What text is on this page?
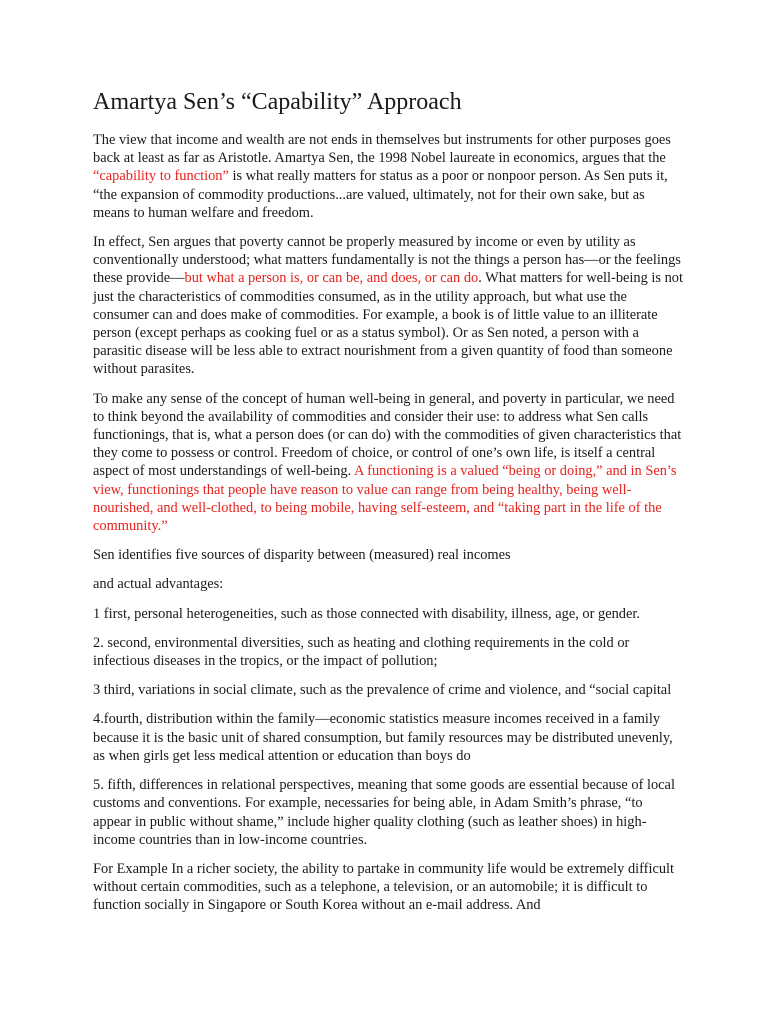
Amartya Sen’s “Capability” Approach

The view that income and wealth are not ends in themselves but instruments for other purposes goes back at least as far as Aristotle. Amartya Sen, the 1998 Nobel laureate in economics, argues that the “capability to function” is what really matters for status as a poor or nonpoor person. As Sen puts it, “the expansion of commodity productions...are valued, ultimately, not for their own sake, but as means to human welfare and freedom.

In effect, Sen argues that poverty cannot be properly measured by income or even by utility as conventionally understood; what matters fundamentally is not the things a person has—or the feelings these provide—but what a person is, or can be, and does, or can do. What matters for well-being is not just the characteristics of commodities consumed, as in the utility approach, but what use the consumer can and does make of commodities. For example, a book is of little value to an illiterate person (except perhaps as cooking fuel or as a status symbol). Or as Sen noted, a person with a parasitic disease will be less able to extract nourishment from a given quantity of food than someone without parasites.

To make any sense of the concept of human well-being in general, and poverty in particular, we need to think beyond the availability of commodities and consider their use: to address what Sen calls functionings, that is, what a person does (or can do) with the commodities of given characteristics that they come to possess or control. Freedom of choice, or control of one’s own life, is itself a central aspect of most understandings of well-being. A functioning is a valued “being or doing,” and in Sen’s view, functionings that people have reason to value can range from being healthy, being well-nourished, and well-clothed, to being mobile, having self-esteem, and “taking part in the life of the community.”

Sen identifies five sources of disparity between (measured) real incomes

and actual advantages:

1 first, personal heterogeneities, such as those connected with disability, illness, age, or gender.

2. second, environmental diversities, such as heating and clothing requirements in the cold or infectious diseases in the tropics, or the impact of pollution;

3 third, variations in social climate, such as the prevalence of crime and violence, and “social capital

4.fourth, distribution within the family—economic statistics measure incomes received in a family because it is the basic unit of shared consumption, but family resources may be distributed unevenly, as when girls get less medical attention or education than boys do

5. fifth, differences in relational perspectives, meaning that some goods are essential because of local customs and conventions. For example, necessaries for being able, in Adam Smith’s phrase, “to appear in public without shame,” include higher quality clothing (such as leather shoes) in high-income countries than in low-income countries.

For Example In a richer society, the ability to partake in community life would be extremely difficult without certain commodities, such as a telephone, a television, or an automobile; it is difficult to function socially in Singapore or South Korea without an e-mail address. And
